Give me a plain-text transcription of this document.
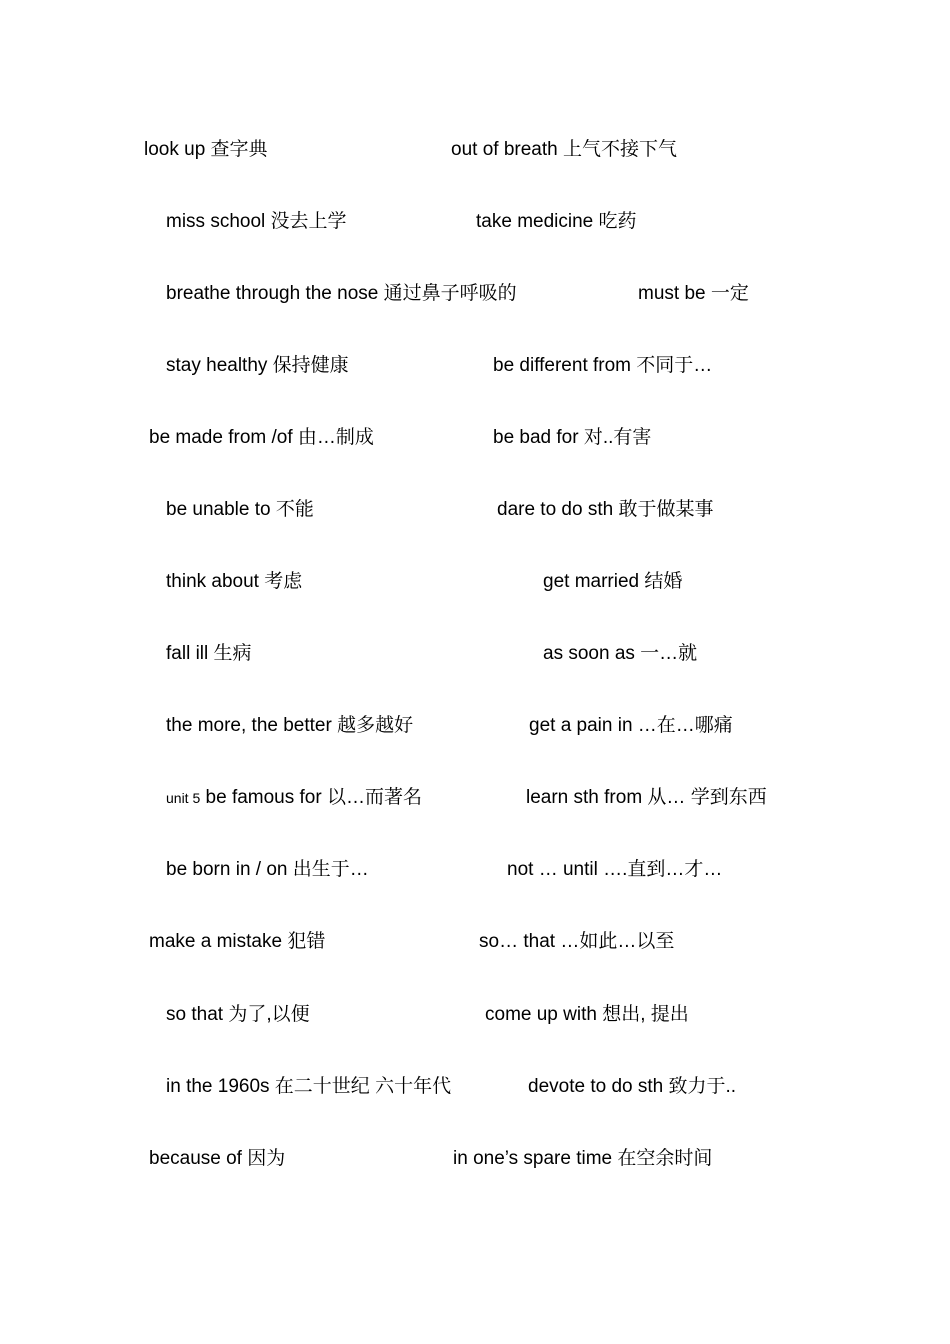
look up 查字典	out of breath 上气不接下气
miss school 没去上学	take medicine 吃药
breathe through the nose 通过鼻子呼吸的	must be 一定
stay healthy 保持健康	be different from 不同于…
be made from /of 由…制成	be bad for 对..有害
be unable to 不能	dare to do sth 敢于做某事
think about 考虑	get married 结婚
fall ill 生病	as soon as 一…就
the more, the better 越多越好	get a pain in …在…哪痛
unit 5 be famous for 以…而著名	learn sth from 从… 学到东西
be born in / on 出生于…	not … until ….直到…才…
make a mistake 犯错	so… that …如此…以至
so that 为了,以便	come up with 想出, 提出
in the 1960s 在二十世纪 六十年代	devote to do sth 致力于..
because of 因为	in one’s spare time 在空余时间
